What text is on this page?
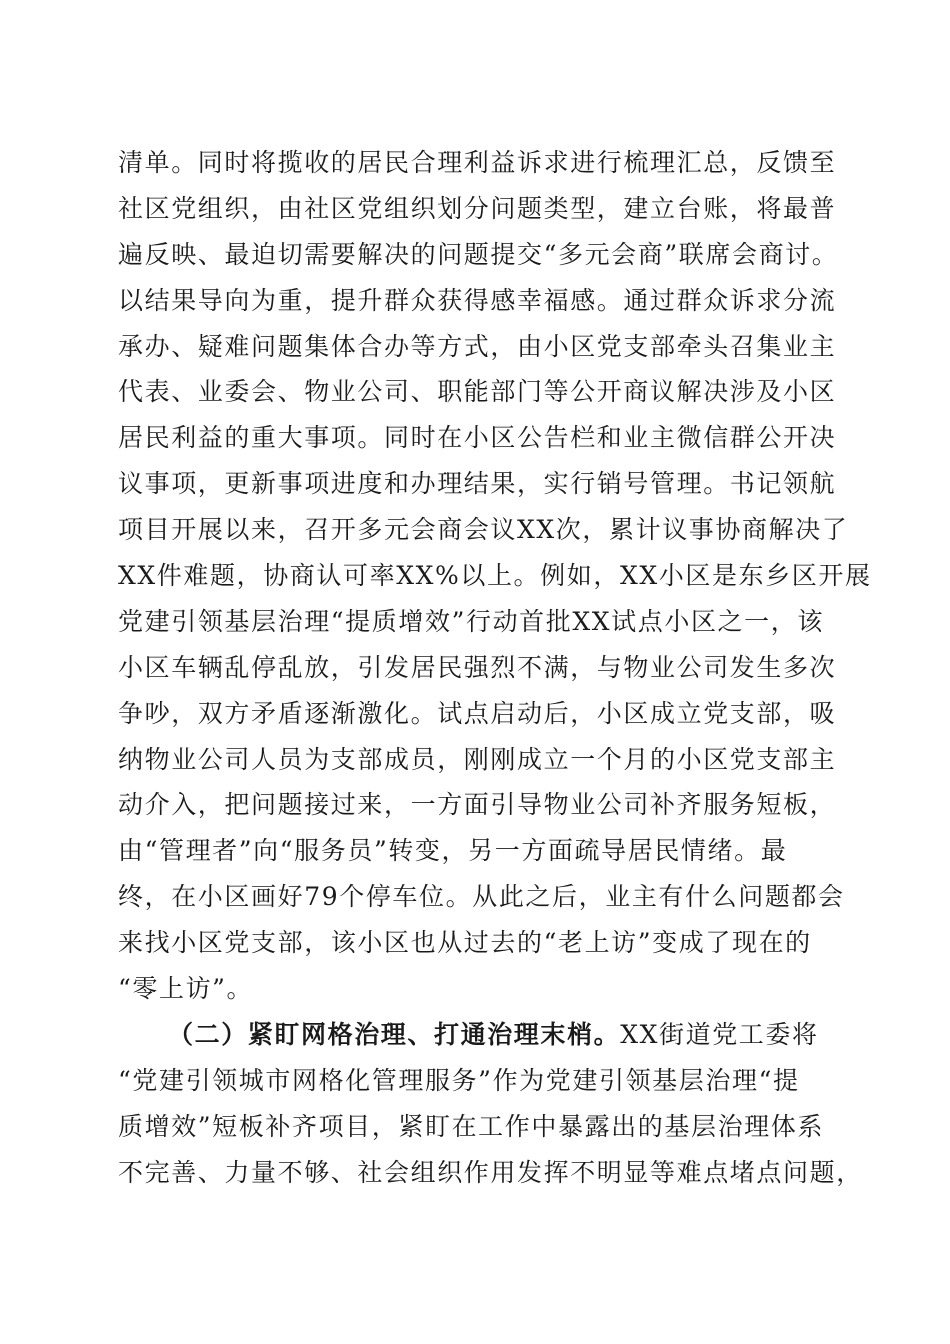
清单。同时将揽收的居民合理利益诉求进行梳理汇总，反馈至
社区党组织，由社区党组织划分问题类型，建立台账，将最普
遍反映、最迫切需要解决的问题提交“多元会商”联席会商讨。
以结果导向为重，提升群众获得感幸福感。通过群众诉求分流
承办、疑难问题集体合办等方式，由小区党支部牵头召集业主
代表、业委会、物业公司、职能部门等公开商议解决涉及小区
居民利益的重大事项。同时在小区公告栏和业主微信群公开决
议事项，更新事项进度和办理结果，实行销号管理。书记领航
项目开展以来，召开多元会商会议XX次，累计议事协商解决了
XX件难题，协商认可率XX%以上。例如，XX小区是东乡区开展
党建引领基层治理“提质增效”行动首批XX试点小区之一，该
小区车辆乱停乱放，引发居民强烈不满，与物业公司发生多次
争吵，双方矛盾逐渐激化。试点启动后，小区成立党支部，吸
纳物业公司人员为支部成员，刚刚成立一个月的小区党支部主
动介入，把问题接过来，一方面引导物业公司补齐服务短板，
由“管理者”向“服务员”转变，另一方面疏导居民情绪。最
终，在小区画好79个停车位。从此之后，业主有什么问题都会
来找小区党支部，该小区也从过去的“老上访”变成了现在的
“零上访”。
（二）紧盯网格治理、打通治理末梢。XX街道党工委将
“党建引领城市网格化管理服务”作为党建引领基层治理“提
质增效”短板补齐项目，紧盯在工作中暴露出的基层治理体系
不完善、力量不够、社会组织作用发挥不明显等难点堵点问题，
